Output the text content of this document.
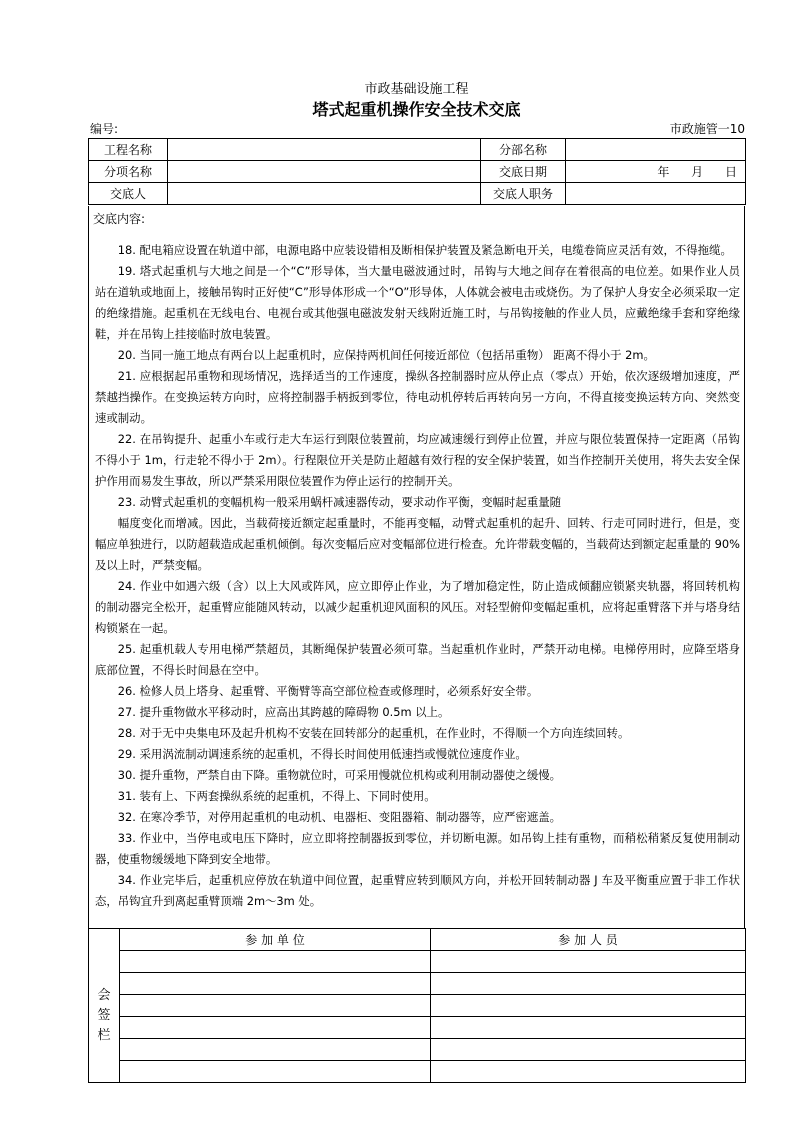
市政基础设施工程
塔式起重机操作安全技术交底
编号:	市政施管一10
工程名称		分部名称	
分项名称		交底日期	年 月 日
交底人		交底人职务	
交底内容:

18. 配电箱应设置在轨道中部，电源电路中应装设错相及断相保护装置及紧急断电开关，电缆卷筒应灵活有效，不得拖缆。

19. 塔式起重机与大地之间是一个“C”形导体，当大量电磁波通过时，吊钩与大地之间存在着很高的电位差。如果作业人员站在道轨或地面上，接触吊钩时正好使“C”形导体形成一个“O”形导体，人体就会被电击或烧伤。为了保护人身安全必须采取一定的绝缘措施。起重机在无线电台、电视台或其他强电磁波发射天线附近施工时，与吊钩接触的作业人员，应戴绝缘手套和穿绝缘鞋，并在吊钩上挂接临时放电装置。

20. 当同一施工地点有两台以上起重机时，应保持两机间任何接近部位（包括吊重物） 距离不得小于 2m。

21. 应根据起吊重物和现场情况，选择适当的工作速度，操纵各控制器时应从停止点（零点）开始，依次逐级增加速度，严禁越挡操作。在变换运转方向时，应将控制器手柄扳到零位，待电动机停转后再转向另一方向，不得直接变换运转方向、突然变速或制动。

22. 在吊钩提升、起重小车或行走大车运行到限位装置前，均应减速缓行到停止位置，并应与限位装置保持一定距离（吊钩不得小于 1m，行走轮不得小于 2m）。行程限位开关是防止超越有效行程的安全保护装置，如当作控制开关使用，将失去安全保护作用而易发生事故，所以严禁采用限位装置作为停止运行的控制开关。

23. 动臂式起重机的变幅机构一般采用蜗杆减速器传动，要求动作平衡，变幅时起重量随

幅度变化而增减。因此，当载荷接近额定起重量时，不能再变幅，动臂式起重机的起升、回转、行走可同时进行，但是，变幅应单独进行，以防超载造成起重机倾倒。每次变幅后应对变幅部位进行检查。允许带载变幅的，当载荷达到额定起重量的 90%及以上时，严禁变幅。

24. 作业中如遇六级（含）以上大风或阵风，应立即停止作业，为了增加稳定性，防止造成倾翻应锁紧夹轨器，将回转机构的制动器完全松开，起重臂应能随风转动，以减少起重机迎风面积的风压。对轻型俯仰变幅起重机，应将起重臂落下并与塔身结构锁紧在一起。

25. 起重机载人专用电梯严禁超员，其断绳保护装置必须可靠。当起重机作业时，严禁开动电梯。电梯停用时，应降至塔身底部位置，不得长时间悬在空中。

26. 检修人员上塔身、起重臂、平衡臂等高空部位检查或修理时，必须系好安全带。

27. 提升重物做水平移动时，应高出其跨越的障碍物 0.5m 以上。

28. 对于无中央集电环及起升机构不安装在回转部分的起重机，在作业时，不得顺一个方向连续回转。

29. 采用涡流制动调速系统的起重机，不得长时间使用低速挡或慢就位速度作业。

30. 提升重物，严禁自由下降。重物就位时，可采用慢就位机构或利用制动器使之缓慢。

31. 装有上、下两套操纵系统的起重机，不得上、下同时使用。

32. 在寒冷季节，对停用起重机的电动机、电器柜、变阻器箱、制动器等，应严密遮盖。

33. 作业中，当停电或电压下降时，应立即将控制器扳到零位，并切断电源。如吊钩上挂有重物，而稍松稍紧反复使用制动器，使重物缓缓地下降到安全地带。

34. 作业完毕后，起重机应停放在轨道中间位置，起重臂应转到顺风方向，并松开回转制动器 J 车及平衡重应置于非工作状态，吊钩宜升到离起重臂顶端 2m～3m 处。

会
签
栏	参 加 单 位	参 加 人 员
